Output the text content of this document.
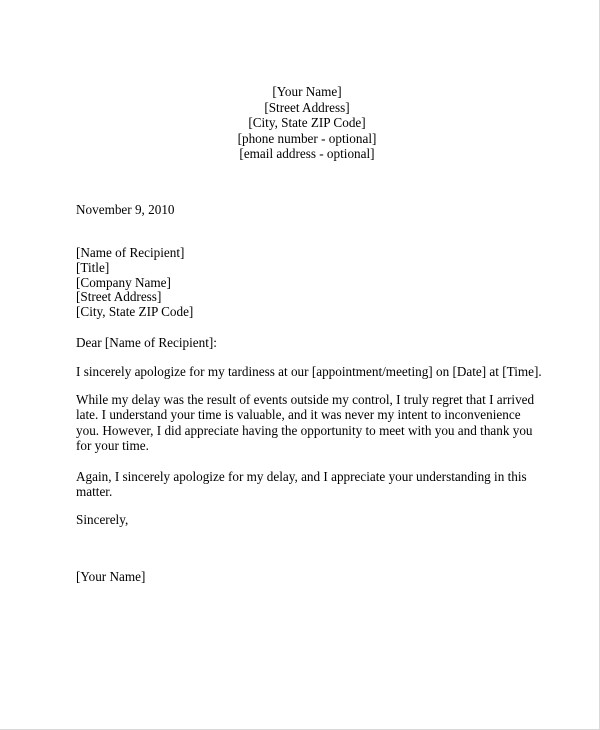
[Your Name]
[Street Address]
[City, State ZIP Code]
[phone number - optional]
[email address - optional]
November 9, 2010
[Name of Recipient]
[Title]
[Company Name]
[Street Address]
[City, State ZIP Code]
Dear [Name of Recipient]:

I sincerely apologize for my tardiness at our [appointment/meeting] on [Date] at [Time].

While my delay was the result of events outside my control, I truly regret that I arrived late. I understand your time is valuable, and it was never my intent to inconvenience you. However, I did appreciate having the opportunity to meet with you and thank you for your time.

Again, I sincerely apologize for my delay, and I appreciate your understanding in this matter.

Sincerely,
[Your Name]
